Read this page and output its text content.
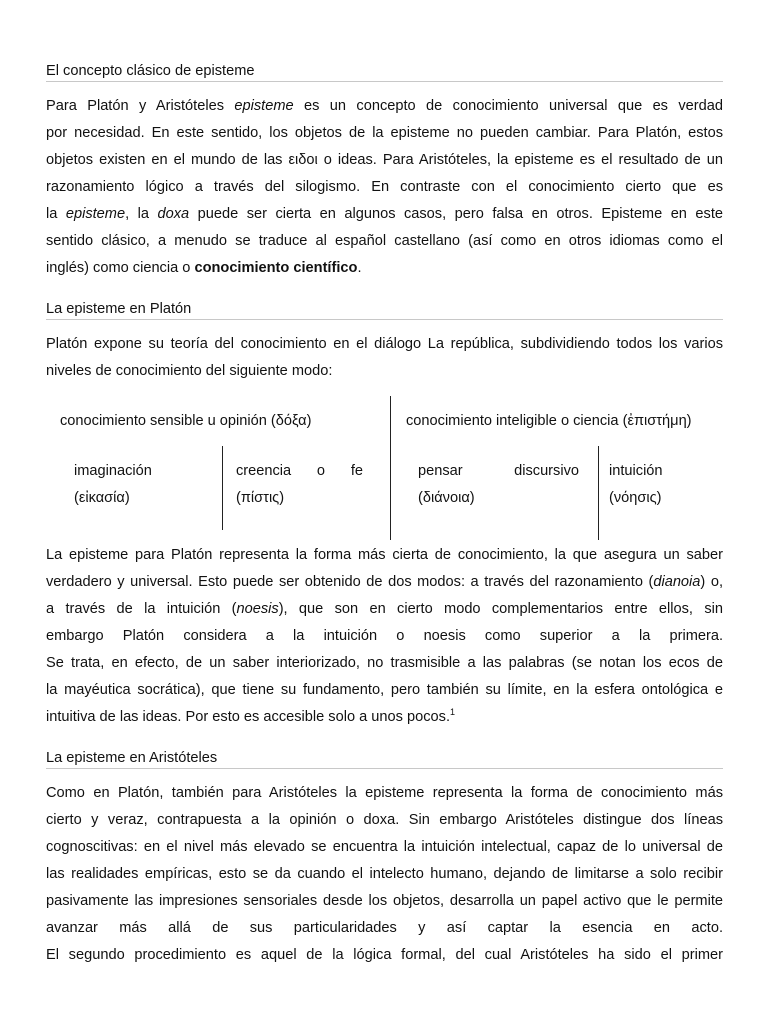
El concepto clásico de episteme
Para Platón y Aristóteles episteme es un concepto de conocimiento universal que es verdad
por necesidad. En este sentido, los objetos de la episteme no pueden cambiar. Para Platón, estos
objetos existen en el mundo de las ειδοι o ideas. Para Aristóteles, la episteme es el resultado de un
razonamiento lógico a través del silogismo. En contraste con el conocimiento cierto que es
la episteme, la doxa puede ser cierta en algunos casos, pero falsa en otros. Episteme en este
sentido clásico, a menudo se traduce al español castellano (así como en otros idiomas como el
inglés) como ciencia o conocimiento científico.
La episteme en Platón
Platón expone su teoría del conocimiento en el diálogo La república, subdividiendo todos los varios
niveles de conocimiento del siguiente modo:
conocimiento sensible u opinión (δόξα)	conocimiento inteligible o ciencia (ἐπιστήμη)
imaginación
(εἰκασία)
creencia o fe
(πίστις)
pensar discursivo
(διάνοια)
intuición
(νόησις)
La episteme para Platón representa la forma más cierta de conocimiento, la que asegura un saber
verdadero y universal. Esto puede ser obtenido de dos modos: a través del razonamiento (dianoia) o,
a través de la intuición (noesis), que son en cierto modo complementarios entre ellos, sin
embargo Platón considera a la intuición o noesis como superior a la primera.
Se trata, en efecto, de un saber interiorizado, no trasmisible a las palabras (se notan los ecos de
la mayéutica socrática), que tiene su fundamento, pero también su límite, en la esfera ontológica e
intuitiva de las ideas. Por esto es accesible solo a unos pocos.$^1$
La episteme en Aristóteles
Como en Platón, también para Aristóteles la episteme representa la forma de conocimiento más
cierto y veraz, contrapuesta a la opinión o doxa. Sin embargo Aristóteles distingue dos líneas
cognoscitivas: en el nivel más elevado se encuentra la intuición intelectual, capaz de lo universal de
las realidades empíricas, esto se da cuando el intelecto humano, dejando de limitarse a solo recibir
pasivamente las impresiones sensoriales desde los objetos, desarrolla un papel activo que le permite
avanzar más allá de sus particularidades y así captar la esencia en acto.
El segundo procedimiento es aquel de la lógica formal, del cual Aristóteles ha sido el primer
